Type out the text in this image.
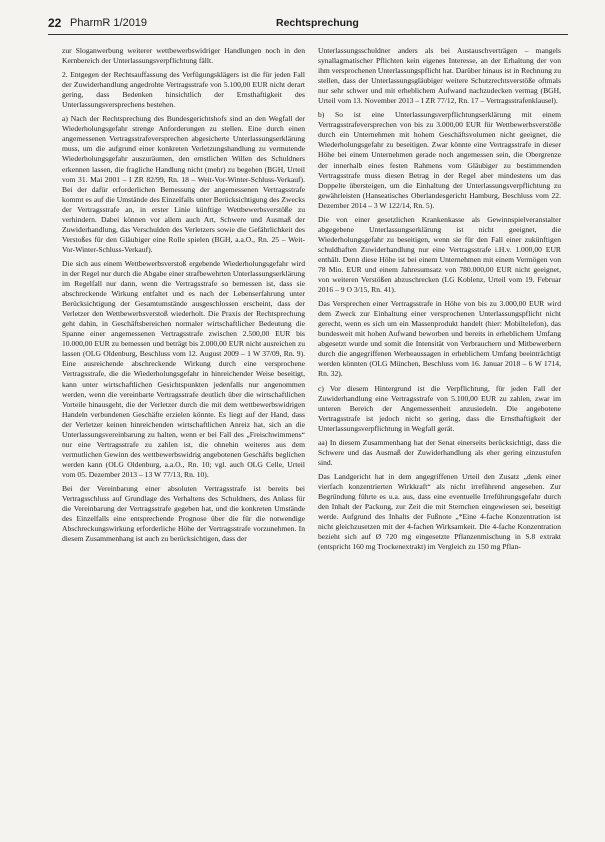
22 PharmR 1/2019	Rechtsprechung

zur Sloganwerbung weiterer wettbewerbswidriger Handlungen noch in den Kernbereich der Unterlassungsverpflichtung fällt.

2. Entgegen der Rechtsauffassung des Verfügungsklägers ist die für jeden Fall der Zuwiderhandlung angedrohte Vertragsstrafe von 5.100,00 EUR nicht derart gering, dass Bedenken hinsichtlich der Ernsthaftigkeit des Unterlassungsversprechens bestehen.

a) Nach der Rechtsprechung des Bundesgerichtshofs sind an den Wegfall der Wiederholungsgefahr strenge Anforderungen zu stellen. Eine durch einen angemessenen Vertragsstrafeversprechen abgesicherte Unterlassungserklärung muss, um die aufgrund einer konkreten Verletzungshandlung zu vermutende Wiederholungsgefahr auszuräumen, den ernstlichen Willen des Schuldners erkennen lassen, die fragliche Handlung nicht (mehr) zu begehen (BGH, Urteil vom 31. Mai 2001 – I ZR 82/99, Rn. 18 – Weit-Vor-Winter-Schluss-Verkauf). Bei der dafür erforderlichen Bemessung der angemessenen Vertragsstrafe kommt es auf die Umstände des Einzelfalls unter Berücksichtigung des Zwecks der Vertragsstrafe an, in erster Linie künftige Wettbewerbsverstöße zu verhindern. Dabei können vor allem auch Art, Schwere und Ausmaß der Zuwiderhandlung, das Verschulden des Verletzers sowie die Gefährlichkeit des Verstoßes für den Gläubiger eine Rolle spielen (BGH, a.a.O., Rn. 25 – Weit-Vor-Winter-Schluss-Verkauf).

Die sich aus einem Wettbewerbsverstoß ergebende Wiederholungsgefahr wird in der Regel nur durch die Abgabe einer strafbewehrten Unterlassungserklärung im Regelfall nur dann, wenn die Vertragsstrafe so bemessen ist, dass sie abschreckende Wirkung entfaltet und es nach der Lebenserfahrung unter Berücksichtigung der Gesamtumstände ausgeschlossen erscheint, dass der Verletzer den Wettbewerbsverstoß wiederholt. Die Praxis der Rechtsprechung geht dahin, in Geschäftsbereichen normaler wirtschaftlicher Bedeutung die Spanne einer angemessenen Vertragsstrafe zwischen 2.500,00 EUR bis 10.000,00 EUR zu bemessen und beträgt bis 2.000,00 EUR nicht ausreichen zu lassen (OLG Oldenburg, Beschluss vom 12. August 2009 – 1 W 37/09, Rn. 9). Eine ausreichende abschreckende Wirkung durch eine versprochene Vertragsstrafe, die die Wiederholungsgefahr in hinreichender Weise beseitigt, kann unter wirtschaftlichen Gesichtspunkten jedenfalls nur angenommen werden, wenn die vereinbarte Vertragsstrafe deutlich über die wirtschaftlichen Vorteile hinausgeht, die der Verletzer durch die mit dem wettbewerbswidrigen Handeln verbundenen Geschäfte erzielen könnte. Es liegt auf der Hand, dass der Verletzer keinen hinreichenden wirtschaftlichen Anreiz hat, sich an die Unterlassungsvereinbarung zu halten, wenn er bei Fall des „Freischwimmens“ nur eine Vertragsstrafe zu zahlen ist, die ohnehin weiteres aus dem vermutlichen Gewinn des wettbewerbswidrig angebotenen Geschäfts beglichen werden kann (OLG Oldenburg, a.a.O., Rn. 10; vgl. auch OLG Celle, Urteil vom 05. Dezember 2013 – 13 W 77/13, Rn. 10).

Bei der Vereinbarung einer absoluten Vertragsstrafe ist bereits bei Vertragsschluss auf Grundlage des Verhaltens des Schuldners, des Anlass für die Vereinbarung der Vertragsstrafe gegeben hat, und die konkreten Umstände des Einzelfalls eine entsprechende Prognose über die für die notwendige Abschreckungswirkung erforderliche Höhe der Vertragsstrafe vorzunehmen. In diesem Zusammenhang ist auch zu berücksichtigen, dass der

Unterlassungsschuldner anders als bei Austauschverträgen – mangels synallagmatischer Pflichten kein eigenes Interesse, an der Erhaltung der von ihm versprochenen Unterlassungspflicht hat. Darüber hinaus ist in Rechnung zu stellen, dass der Unterlassungsgläubiger weitere Schutzrechtsverstöße oftmals nur sehr schwer und mit erheblichem Aufwand nachzudecken vermag (BGH, Urteil vom 13. November 2013 – I ZR 77/12, Rn. 17 – Vertragsstrafenklausel).

b) So ist eine Unterlassungsverpflichtungserklärung mit einem Vertragsstrafeversprechen von bis zu 3.000,00 EUR für Wettbewerbsverstöße durch ein Unternehmen mit hohem Geschäftsvolumen nicht geeignet, die Wiederholungsgefahr zu beseitigen. Zwar könnte eine Vertragsstrafe in dieser Höhe bei einem Unternehmen gerade noch angemessen sein, die Obergrenze der innerhalb eines festen Rahmens vom Gläubiger zu bestimmenden Vertragsstrafe muss diesen Betrag in der Regel aber mindestens um das Doppelte übersteigen, um die Einhaltung der Unterlassungsverpflichtung zu gewährleisten (Hanseatisches Oberlandesgericht Hamburg, Beschluss vom 22. Dezember 2014 – 3 W 122/14, Rn. 5).

Die von einer gesetzlichen Krankenkasse als Gewinnspielveranstalter abgegebene Unterlassungserklärung ist nicht geeignet, die Wiederholungsgefahr zu beseitigen, wenn sie für den Fall einer zukünftigen schuldhaften Zuwiderhandlung nur eine Vertragsstrafe i.H.v. 1.000,00 EUR enthält. Denn diese Höhe ist bei einem Unternehmen mit einem Vermögen von 78 Mio. EUR und einem Jahresumsatz von 780.000,00 EUR nicht geeignet, von weiteren Verstößen abzuschrecken (LG Koblenz, Urteil vom 19. Februar 2016 – 9 O 3/15, Rn. 41).

Das Versprechen einer Vertragsstrafe in Höhe von bis zu 3.000,00 EUR wird dem Zweck zur Einhaltung einer versprochenen Unterlassungspflicht nicht gerecht, wenn es sich um ein Massenprodukt handelt (hier: Mobiltelefon), das bundesweit mit hohen Aufwand beworben und bereits in erheblichem Umfang abgesetzt wurde und somit die Intensität von Verbrauchern und Mitbewerbern durch die angegriffenen Werbeaussagen in erheblichem Umfang beeinträchtigt werden könnten (OLG München, Beschluss vom 16. Januar 2018 – 6 W 1714, Rn. 32).

c) Vor diesem Hintergrund ist die Verpflichtung, für jeden Fall der Zuwiderhandlung eine Vertragsstrafe von 5.100,00 EUR zu zahlen, zwar im unteren Bereich der Angemessenheit anzusiedeln. Die angebotene Vertragsstrafe ist jedoch nicht so gering, dass die Ernsthaftigkeit der Unterlassungsverpflichtung in Wegfall gerät.

aa) In diesem Zusammenhang hat der Senat einerseits berücksichtigt, dass die Schwere und das Ausmaß der Zuwiderhandlung als eher gering einzustufen sind.

Das Landgericht hat in dem angegriffenen Urteil den Zusatz „denk einer vierfach konzentrierten Wirkkraft“ als nicht irreführend angesehen. Zur Begründung führte es u.a. aus, dass eine eventuelle Irreführungsgefahr durch den Inhalt der Packung, zur Zeit die mit Sternchen eingewiesen sei, beseitigt werde. Aufgrund des Inhalts der Fußnote „*Eine 4-fache Konzentration ist nicht gleichzusetzen mit der 4-fachen Wirksamkeit. Die 4-fache Konzentration bezieht sich auf Ø 720 mg eingesetzte Pflanzenmischung in S.8 extrakt (entspricht 160 mg Trockenextrakt) im Vergleich zu 150 mg Pflan-
